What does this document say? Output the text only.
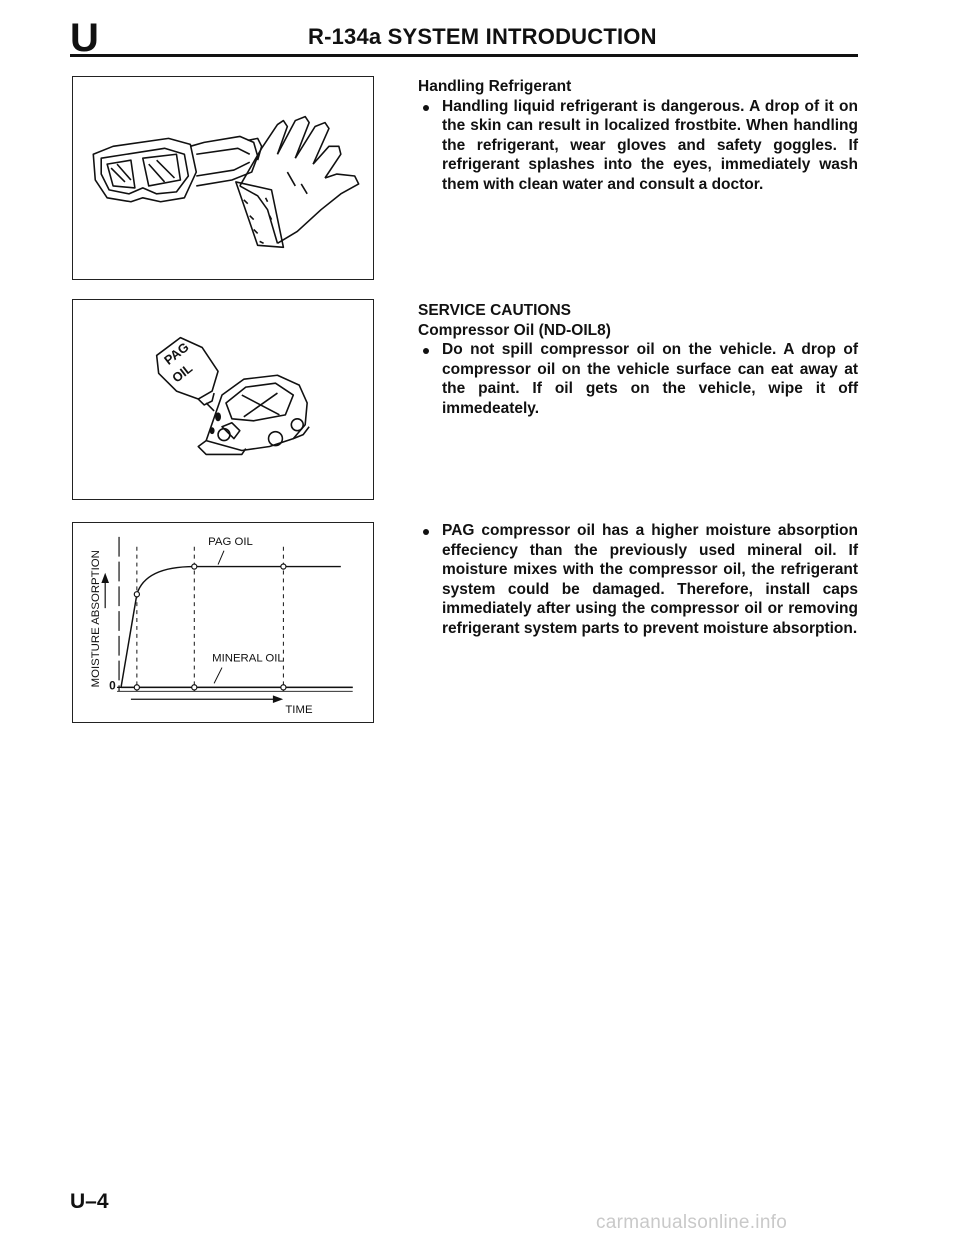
U	R-134a SYSTEM INTRODUCTION
PAG
OIL
MOISTURE ABSORPTION 0
TIME
PAG OIL
MINERAL OIL
Handling Refrigerant
Handling liquid refrigerant is dangerous. A drop of it on the skin can result in localized frostbite. When handling the refrigerant, wear gloves and safety goggles. If refrigerant splashes into the eyes, immediately wash them with clean water and consult a doctor.
SERVICE CAUTIONS
Compressor Oil (ND-OIL8)
Do not spill compressor oil on the vehicle. A drop of compressor oil on the vehicle surface can eat away at the paint. If oil gets on the vehicle, wipe it off immedeately.
PAG compressor oil has a higher moisture absorption effeciency than the previously used mineral oil. If moisture mixes with the compressor oil, the refrigerant system could be damaged. Therefore, install caps immediately after using the compressor oil or removing refrigerant system parts to prevent moisture absorption.
U–4
carmanualsonline.info
